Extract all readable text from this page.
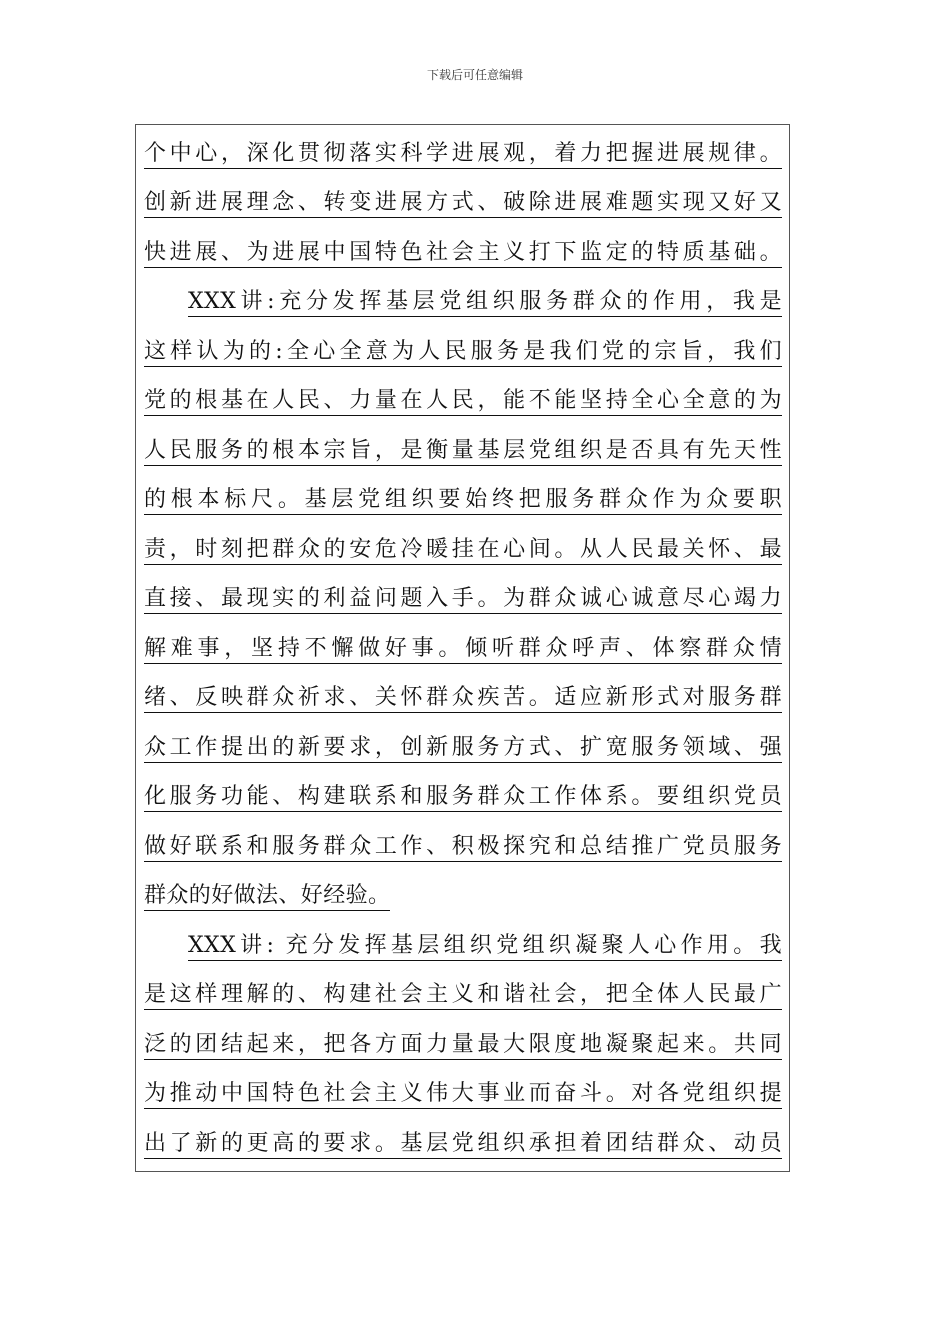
下载后可任意编辑
个中心，深化贯彻落实科学进展观，着力把握进展规律。
创新进展理念、转变进展方式、破除进展难题实现又好又
快进展、为进展中国特色社会主义打下监定的特质基础。
XXX讲:充分发挥基层党组织服务群众的作用，我是
这样认为的:全心全意为人民服务是我们党的宗旨，我们
党的根基在人民、力量在人民，能不能坚持全心全意的为
人民服务的根本宗旨，是衡量基层党组织是否具有先天性
的根本标尺。基层党组织要始终把服务群众作为众要职
责，时刻把群众的安危冷暖挂在心间。从人民最关怀、最
直接、最现实的利益问题入手。为群众诚心诚意尽心竭力
解难事，坚持不懈做好事。倾听群众呼声、体察群众情
绪、反映群众祈求、关怀群众疾苦。适应新形式对服务群
众工作提出的新要求，创新服务方式、扩宽服务领域、强
化服务功能、构建联系和服务群众工作体系。要组织党员
做好联系和服务群众工作、积极探究和总结推广党员服务
群众的好做法、好经验。
XXX讲: 充分发挥基层组织党组织凝聚人心作用。我
是这样理解的、构建社会主义和谐社会，把全体人民最广
泛的团结起来，把各方面力量最大限度地凝聚起来。共同
为推动中国特色社会主义伟大事业而奋斗。对各党组织提
出了新的更高的要求。基层党组织承担着团结群众、动员
